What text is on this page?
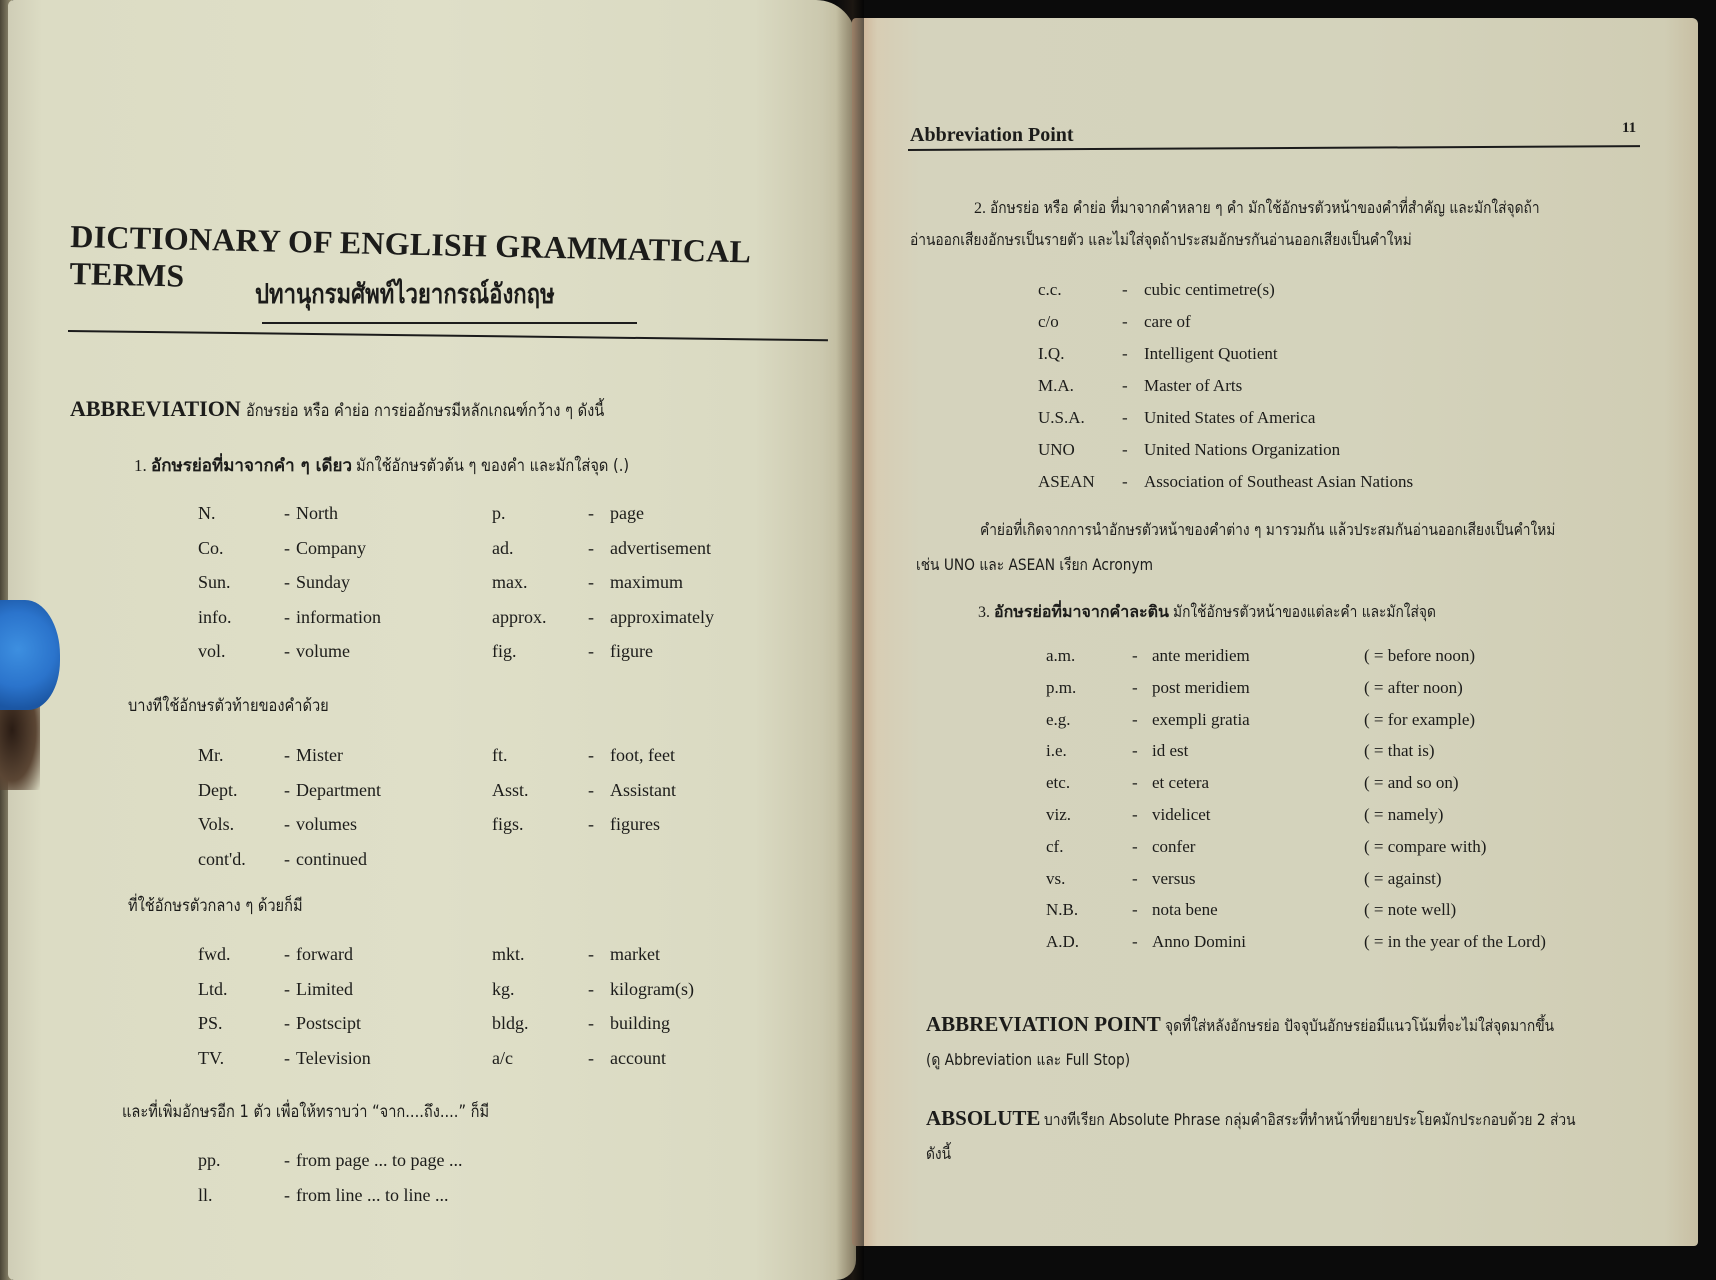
DICTIONARY OF ENGLISH GRAMMATICAL TERMS
ปทานุกรมศัพท์ไวยากรณ์อังกฤษ
ABBREVIATION อักษรย่อ หรือ คำย่อ การย่ออักษรมีหลักเกณฑ์กว้าง ๆ ดังนี้
1. อักษรย่อที่มาจากคำ ๆ เดียว มักใช้อักษรตัวต้น ๆ ของคำ และมักใส่จุด (.)
N.	- North	p.	- page
Co.	- Company	ad.	- advertisement
Sun.	- Sunday	max.	- maximum
info.	- information	approx. - approximately
vol.	- volume	fig.	- figure
บางทีใช้อักษรตัวท้ายของคำด้วย
Mr.	- Mister	ft.	- foot, feet
Dept.	- Department	Asst.	- Assistant
Vols.	- volumes	figs.	- figures
cont'd. - continued
ที่ใช้อักษรตัวกลาง ๆ ด้วยก็มี
fwd.	- forward	mkt.	- market
Ltd.	- Limited	kg.	- kilogram(s)
PS.	- Postscipt	bldg.	- building
TV.	- Television	a/c	- account
และที่เพิ่มอักษรอีก 1 ตัว เพื่อให้ทราบว่า “จาก....ถึง....” ก็มี
pp.	- from page ... to page ...
ll.	- from line ... to line ...
Abbreviation Point	11
2. อักษรย่อ หรือ คำย่อ ที่มาจากคำหลาย ๆ คำ มักใช้อักษรตัวหน้าของคำที่สำคัญ และมักใส่จุดถ้า
อ่านออกเสียงอักษรเป็นรายตัว และไม่ใส่จุดถ้าประสมอักษรกันอ่านออกเสียงเป็นคำใหม่
c.c.	- cubic centimetre(s)
c/o	- care of
I.Q.	- Intelligent Quotient
M.A.	- Master of Arts
U.S.A. - United States of America
UNO	- United Nations Organization
ASEAN - Association of Southeast Asian Nations
คำย่อที่เกิดจากการนำอักษรตัวหน้าของคำต่าง ๆ มารวมกัน แล้วประสมกันอ่านออกเสียงเป็นคำใหม่
เช่น UNO และ ASEAN เรียก Acronym
3. อักษรย่อที่มาจากคำละติน มักใช้อักษรตัวหน้าของแต่ละคำ และมักใส่จุด
a.m.	- ante meridiem	( = before noon)
p.m.	- post meridiem	( = after noon)
e.g.	- exempli gratia	( = for example)
i.e.	- id est	( = that is)
etc.	- et cetera	( = and so on)
viz.	- videlicet	( = namely)
cf.	- confer	( = compare with)
vs.	- versus	( = against)
N.B.	- nota bene	( = note well)
A.D.	- Anno Domini	( = in the year of the Lord)
ABBREVIATION POINT จุดที่ใส่หลังอักษรย่อ ปัจจุบันอักษรย่อมีแนวโน้มที่จะไม่ใส่จุดมากขึ้น
(ดู Abbreviation และ Full Stop)
ABSOLUTE บางทีเรียก Absolute Phrase กลุ่มคำอิสระที่ทำหน้าที่ขยายประโยคมักประกอบด้วย 2 ส่วน
ดังนี้
